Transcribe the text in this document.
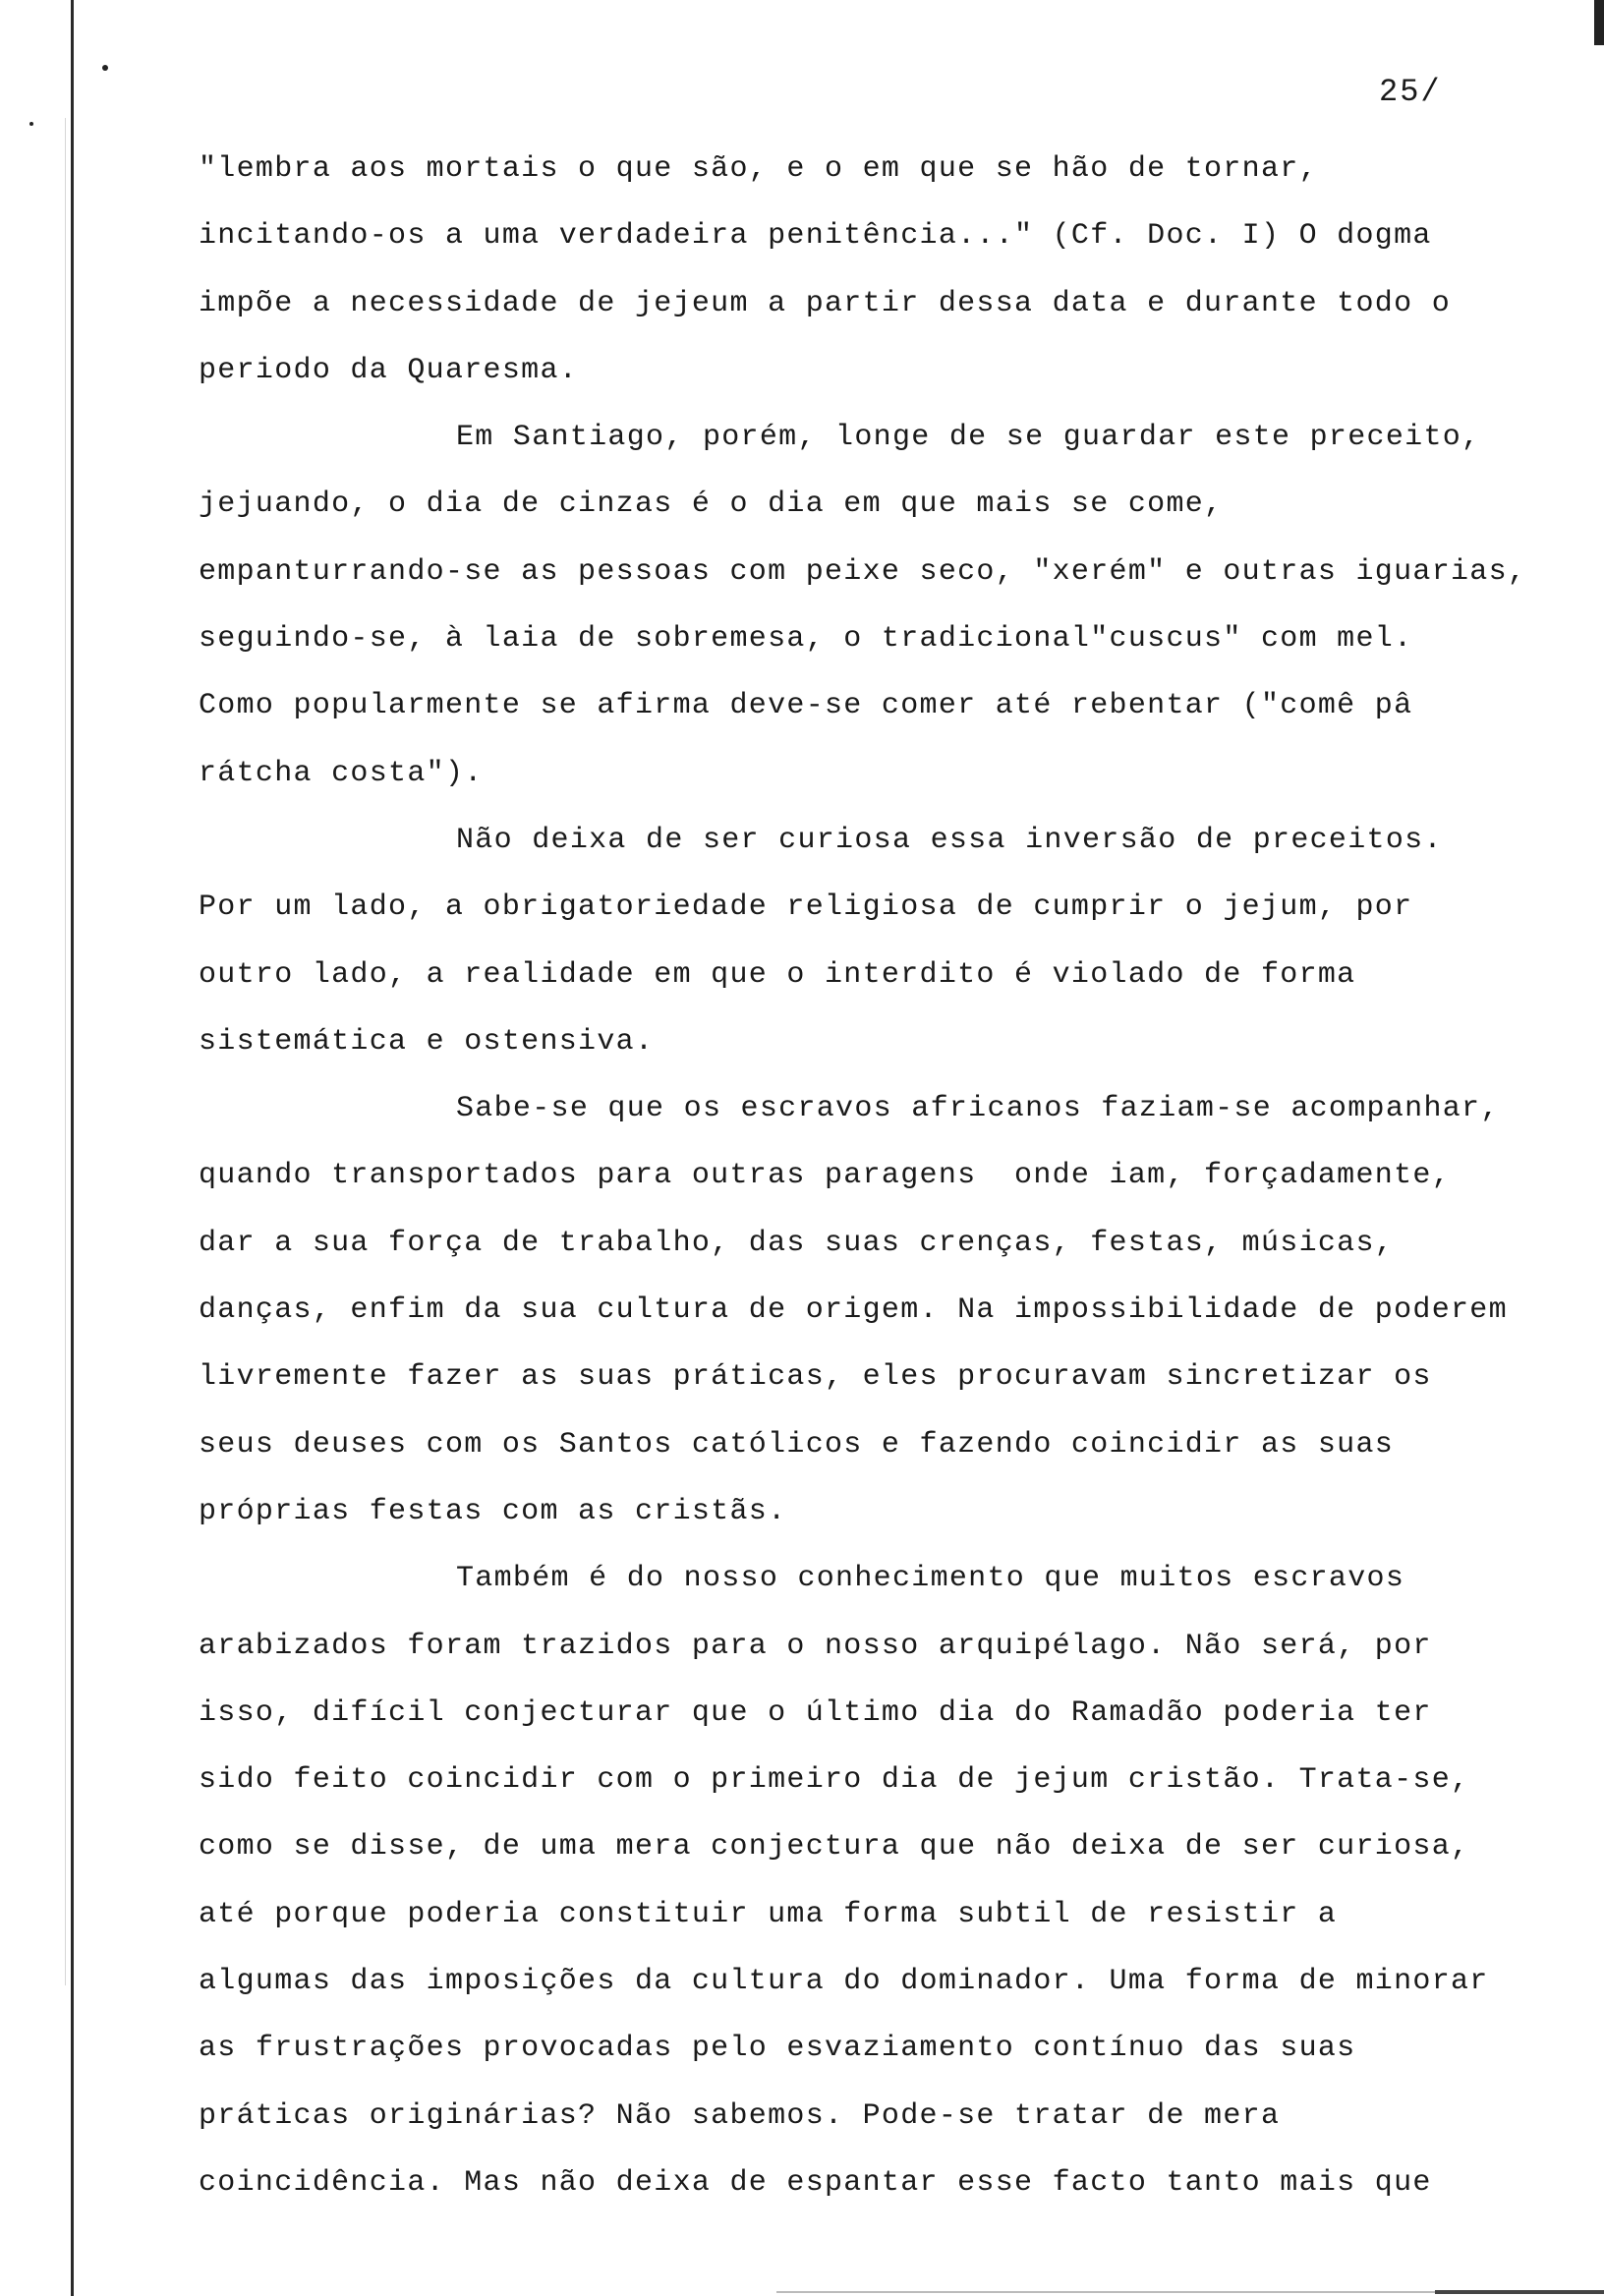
25/
"lembra aos mortais o que são, e o em que se hão de tornar,
incitando-os a uma verdadeira penitência..." (Cf. Doc. I) O dogma
impõe a necessidade de jejeum a partir dessa data e durante todo o
periodo da Quaresma.
Em Santiago, porém, longe de se guardar este preceito,
jejuando, o dia de cinzas é o dia em que mais se come,
empanturrando-se as pessoas com peixe seco, "xerém" e outras iguarias,
seguindo-se, à laia de sobremesa, o tradicional"cuscus" com mel.
Como popularmente se afirma deve-se comer até rebentar ("comê pâ
rátcha costa").
Não deixa de ser curiosa essa inversão de preceitos.
Por um lado, a obrigatoriedade religiosa de cumprir o jejum, por
outro lado, a realidade em que o interdito é violado de forma
sistemática e ostensiva.
Sabe-se que os escravos africanos faziam-se acompanhar,
quando transportados para outras paragens  onde iam, forçadamente,
dar a sua força de trabalho, das suas crenças, festas, músicas,
danças, enfim da sua cultura de origem. Na impossibilidade de poderem
livremente fazer as suas práticas, eles procuravam sincretizar os
seus deuses com os Santos católicos e fazendo coincidir as suas
próprias festas com as cristãs.
Também é do nosso conhecimento que muitos escravos
arabizados foram trazidos para o nosso arquipélago. Não será, por
isso, difícil conjecturar que o último dia do Ramadão poderia ter
sido feito coincidir com o primeiro dia de jejum cristão. Trata-se,
como se disse, de uma mera conjectura que não deixa de ser curiosa,
até porque poderia constituir uma forma subtil de resistir a
algumas das imposições da cultura do dominador. Uma forma de minorar
as frustrações provocadas pelo esvaziamento contínuo das suas
práticas originárias? Não sabemos. Pode-se tratar de mera
coincidência. Mas não deixa de espantar esse facto tanto mais que
